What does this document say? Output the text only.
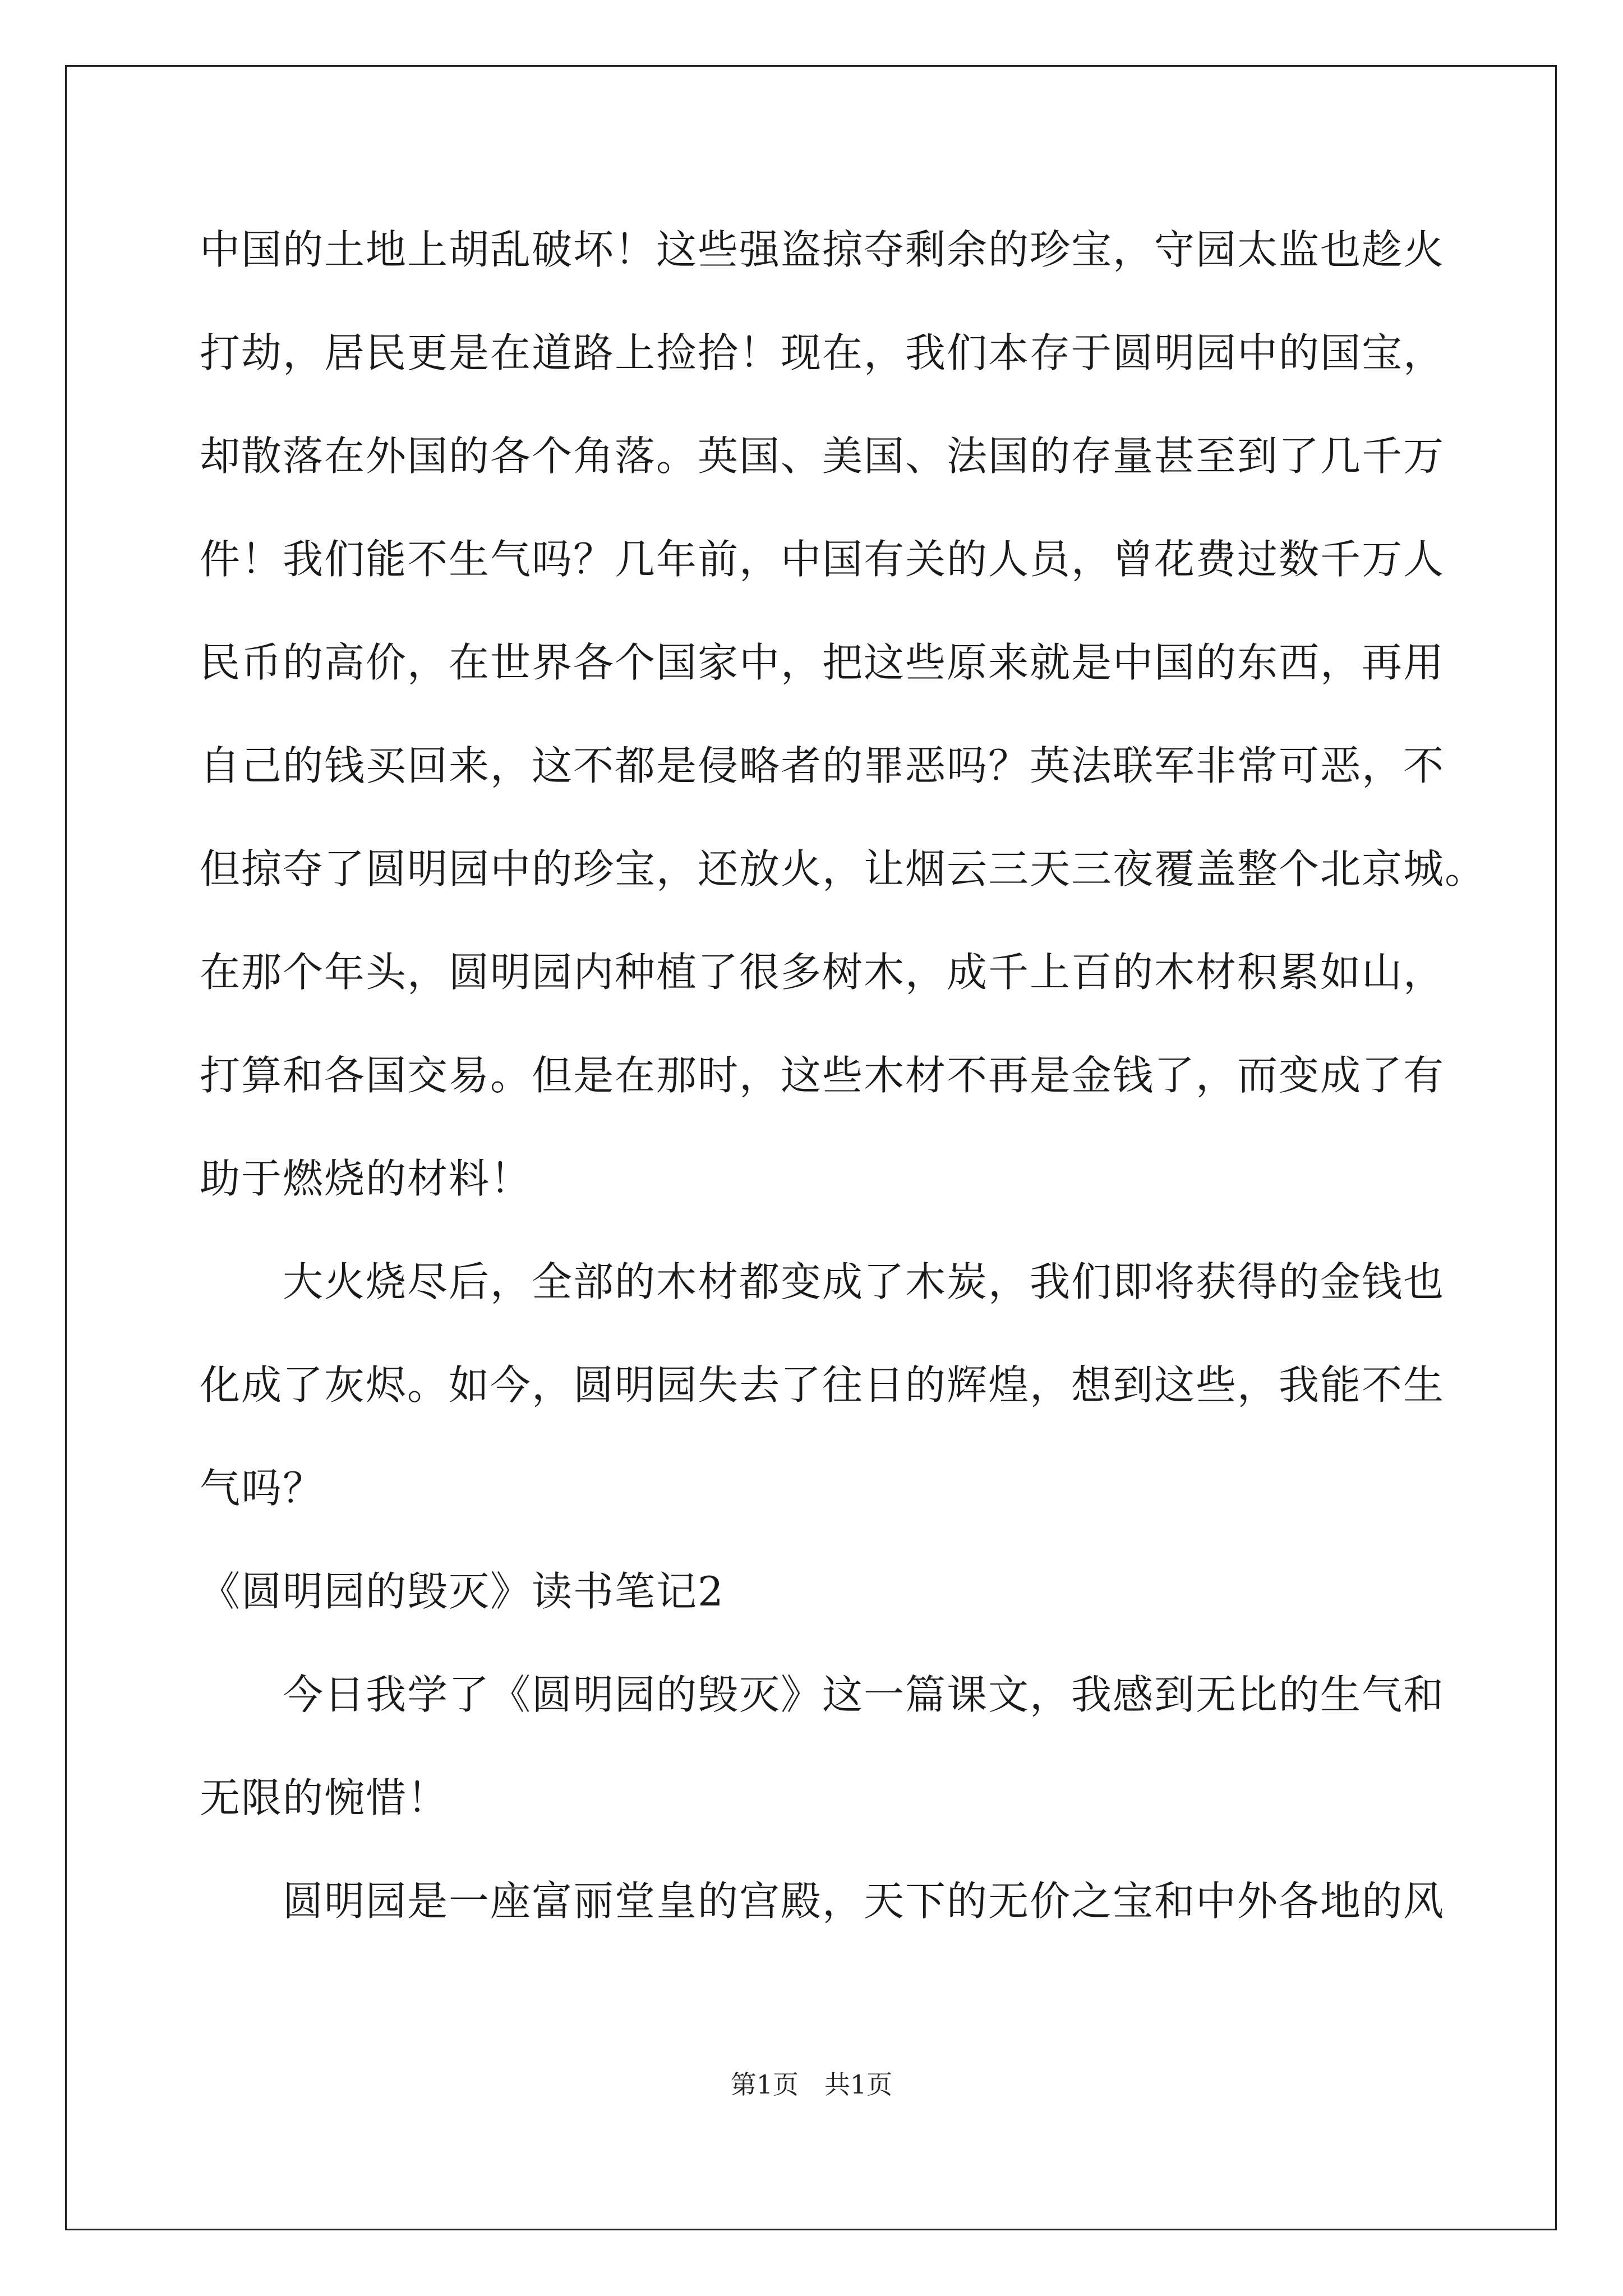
中国的土地上胡乱破坏！这些强盗掠夺剩余的珍宝，守园太监也趁火
打劫，居民更是在道路上捡拾！现在，我们本存于圆明园中的国宝，
却散落在外国的各个角落。英国、美国、法国的存量甚至到了几千万
件！我们能不生气吗？几年前，中国有关的人员，曾花费过数千万人
民币的高价，在世界各个国家中，把这些原来就是中国的东西，再用
自己的钱买回来，这不都是侵略者的罪恶吗？英法联军非常可恶，不
但掠夺了圆明园中的珍宝，还放火，让烟云三天三夜覆盖整个北京城。
在那个年头，圆明园内种植了很多树木，成千上百的木材积累如山，
打算和各国交易。但是在那时，这些木材不再是金钱了，而变成了有
助于燃烧的材料！
大火烧尽后，全部的木材都变成了木炭，我们即将获得的金钱也
化成了灰烬。如今，圆明园失去了往日的辉煌，想到这些，我能不生
气吗？
《圆明园的毁灭》读书笔记2
今日我学了《圆明园的毁灭》这一篇课文，我感到无比的生气和
无限的惋惜！
圆明园是一座富丽堂皇的宫殿，天下的无价之宝和中外各地的风
第1页　共1页
